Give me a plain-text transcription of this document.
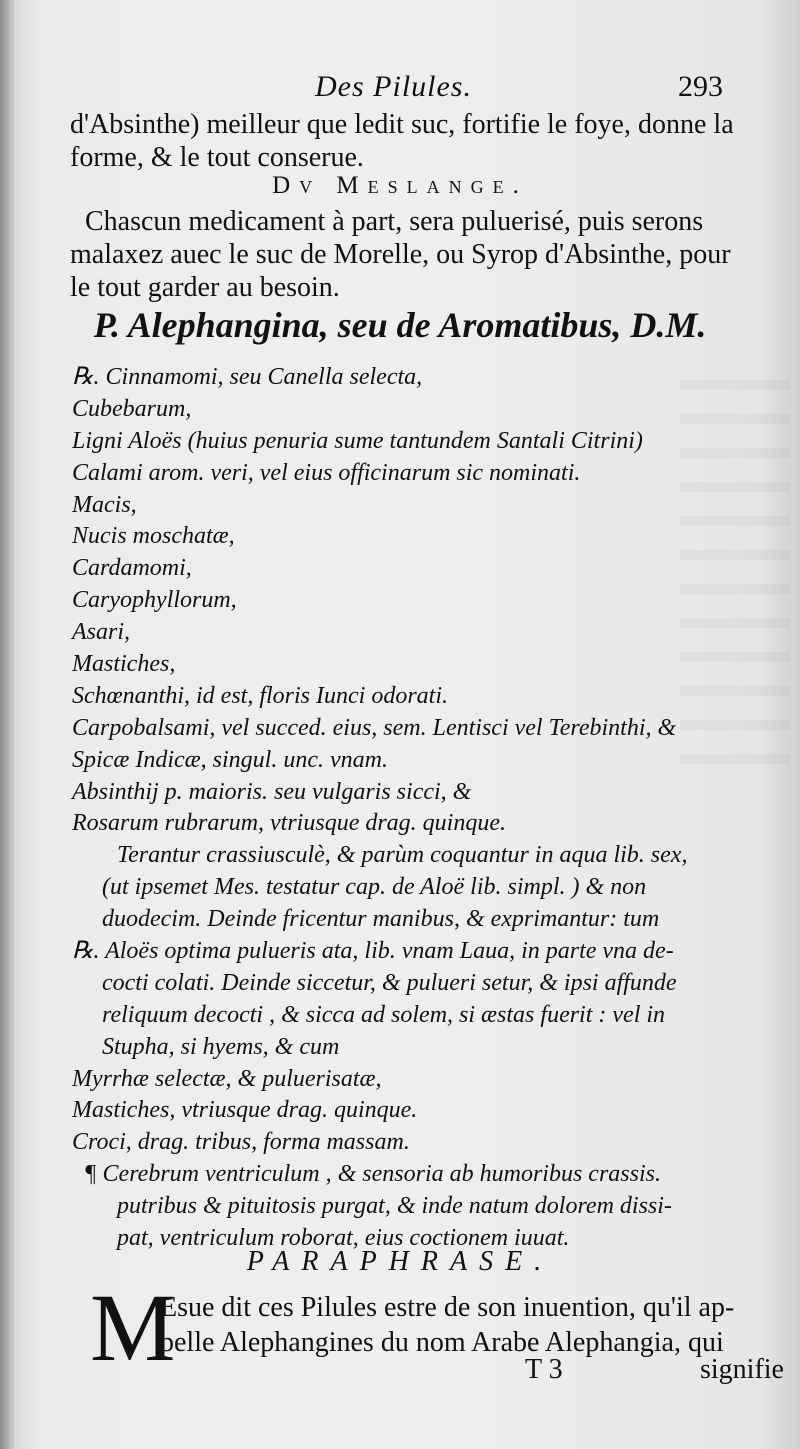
Des Pilules.	293
d'Absinthe) meilleur que ledit suc, fortifie le foye, donne la
forme, & le tout conserue.
Dv Meslange.
Chascun medicament à part, sera puluerisé, puis serons
malaxez auec le suc de Morelle, ou Syrop d'Absinthe, pour
le tout garder au besoin.
P. Alephangina, seu de Aromatibus, D.M.
℞. Cinnamomi, seu Canella selecta,
Cubebarum,
Ligni Aloës (huius penuria sume tantundem Santali Citrini)
Calami arom. veri, vel eius officinarum sic nominati.
Macis,
Nucis moschatæ,
Cardamomi,
Caryophyllorum,
Asari,
Mastiches,
Schœnanthi, id est, floris Iunci odorati.
Carpobalsami, vel succed. eius, sem. Lentisci vel Terebinthi, &
Spicæ Indicæ, singul. unc. vnam.
Absinthij p. maioris. seu vulgaris sicci, &
Rosarum rubrarum, vtriusque drag. quinque.
Terantur crassiusculè, & parùm coquantur in aqua lib. sex,
(ut ipsemet Mes. testatur cap. de Aloë lib. simpl. ) & non
duodecim. Deinde fricentur manibus, & exprimantur: tum
℞. Aloës optima pulueris ata, lib. vnam Laua, in parte vna de-
cocti colati. Deinde siccetur, & pulueri setur, & ipsi affunde
reliquum decocti , & sicca ad solem, si æstas fuerit : vel in
Stupha, si hyems, & cum
Myrrhæ selectæ, & puluerisatæ,
Mastiches, vtriusque drag. quinque.
Croci, drag. tribus, forma massam.
¶ Cerebrum ventriculum , & sensoria ab humoribus crassis.
putribus & pituitosis purgat, & inde natum dolorem dissi-
pat, ventriculum roborat, eius coctionem iuuat.
PARAPHRASE.
M
Esue dit ces Pilules estre de son inuention, qu'il ap-
pelle Alephangines du nom Arabe Alephangia, qui
T 3	signifie
